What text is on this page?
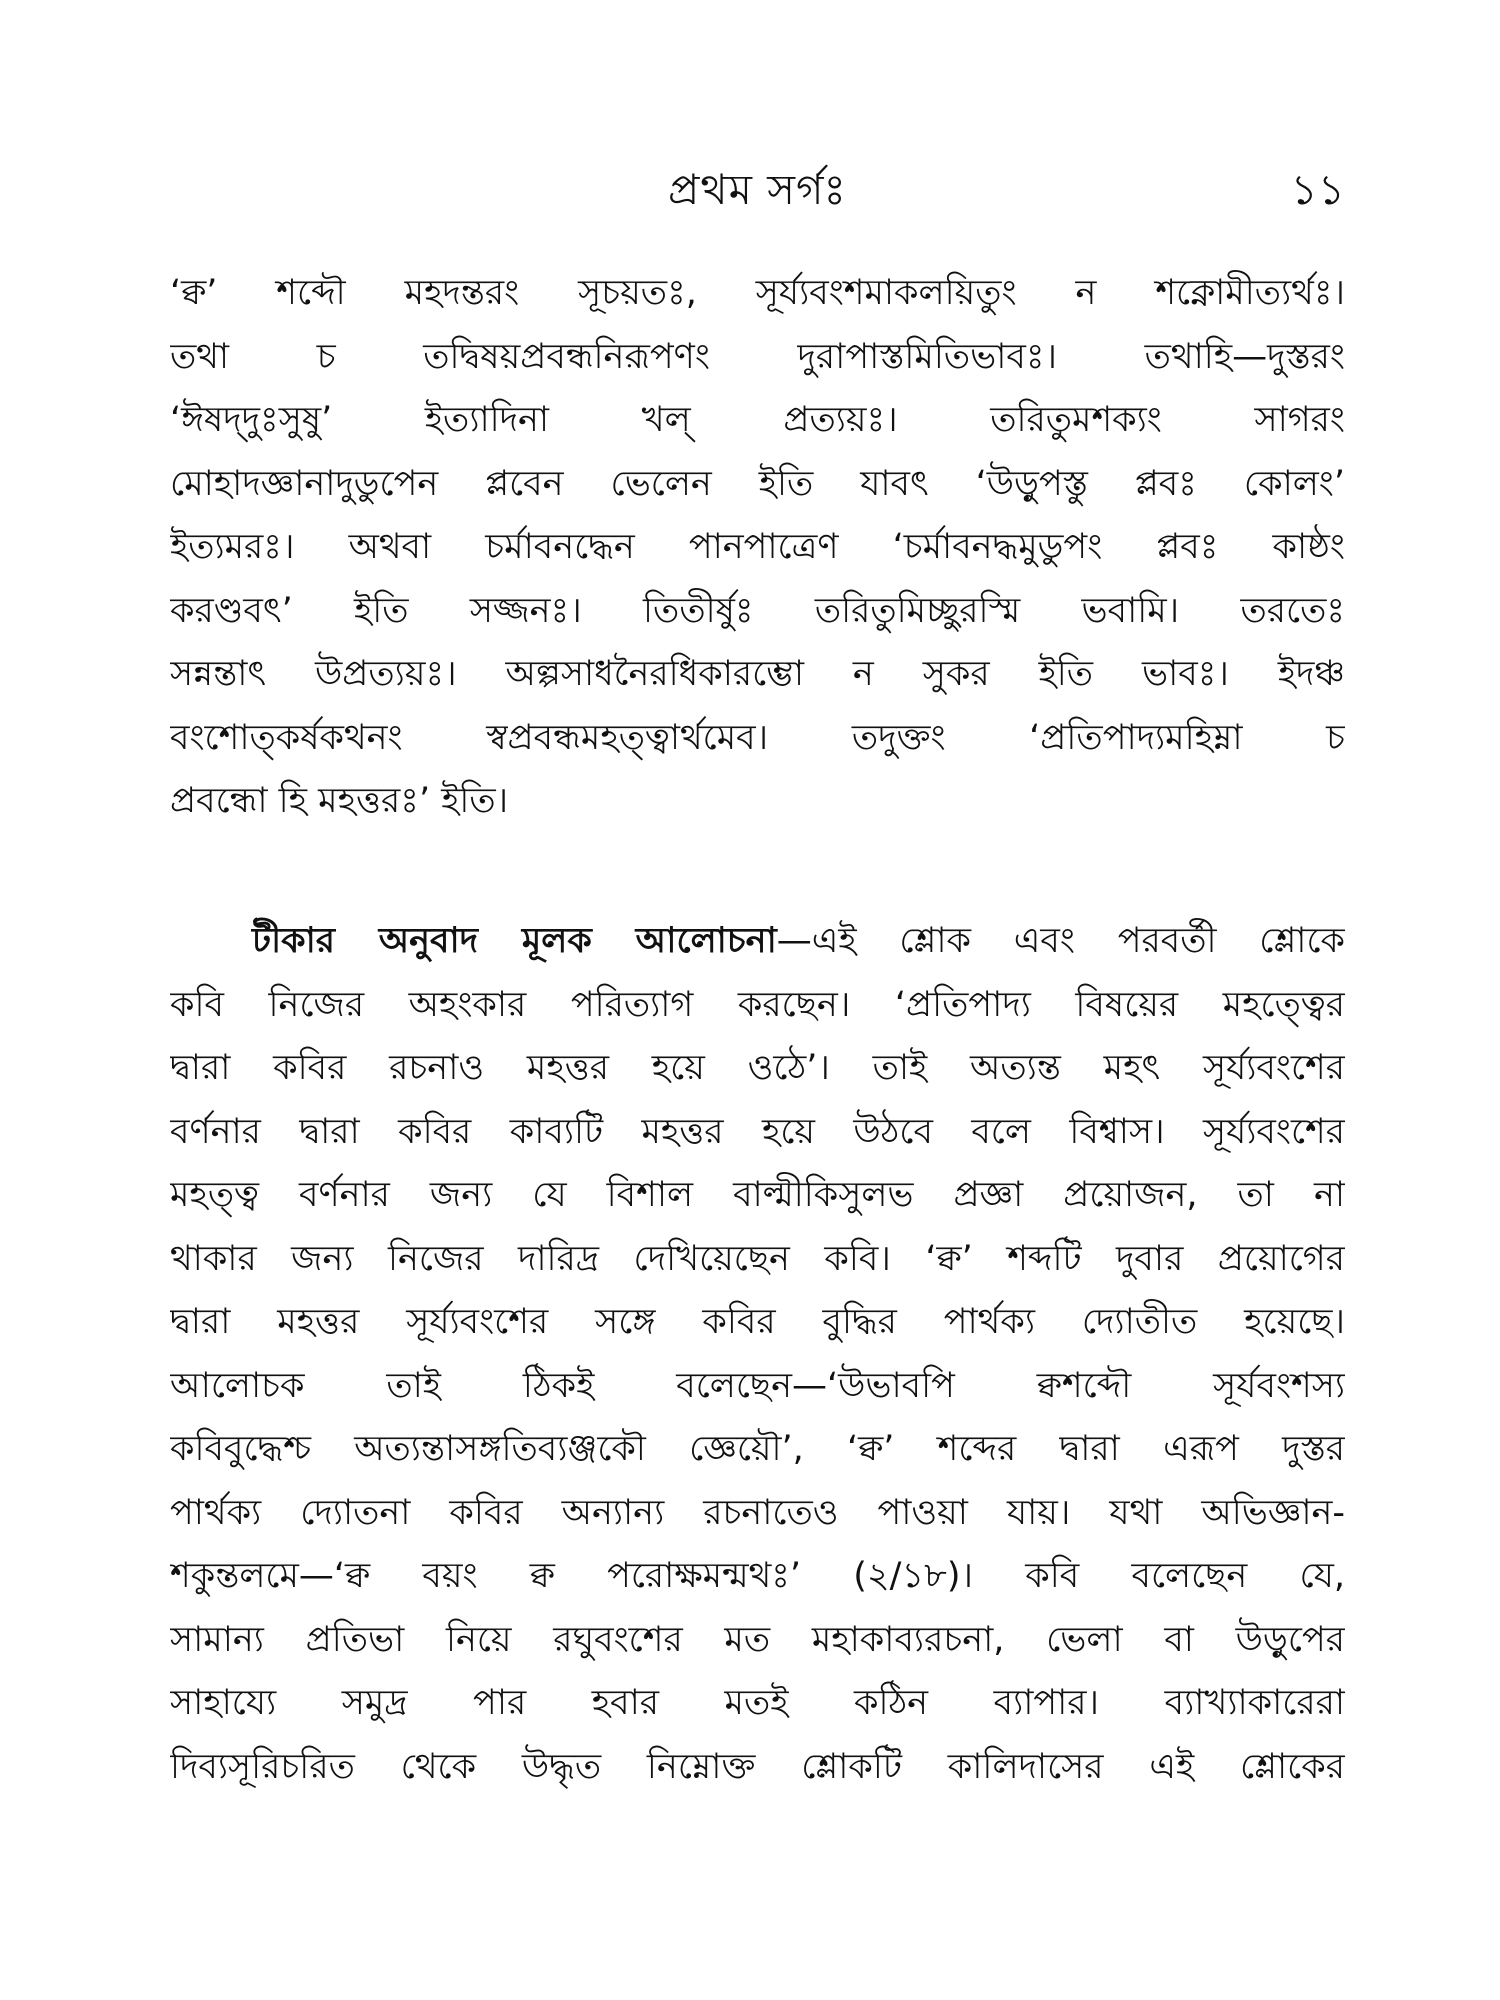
প্রথম সর্গঃ	১১
‘ক্ব’ শব্দৌ মহদন্তরং সূচয়তঃ, সূর্য্যবংশমাকলয়িতুং ন শক্নোমীত্যর্থঃ।
তথা চ তদ্বিষয়প্রবন্ধনিরূপণং দুরাপাস্তমিতিভাবঃ। তথাহি—দুস্তরং
‘ঈষদ্‌দুঃসুষু’ ইত্যাদিনা খল্ প্রত্যয়ঃ। তরিতুমশক্যং সাগরং
মোহাদজ্ঞানাদুডুপেন প্লবেন ভেলেন ইতি যাবৎ ‘উড়ুপস্তু প্লবঃ কোলং’
ইত্যমরঃ। অথবা চর্মাবনদ্ধেন পানপাত্রেণ ‘চর্মাবনদ্ধমুডুপং প্লবঃ কাষ্ঠং
করণ্ডবৎ’ ইতি সজ্জনঃ। তিতীর্ষুঃ তরিতুমিচ্ছুরস্মি ভবামি। তরতেঃ
সন্নন্তাৎ উপ্রত্যয়ঃ। অল্পসাধনৈরধিকারম্ভো ন সুকর ইতি ভাবঃ। ইদঞ্চ
বংশোত্‌কর্ষকথনং স্বপ্রবন্ধমহত্ত্বার্থমেব। তদুক্তং ‘প্রতিপাদ্যমহিম্না চ
প্রবন্ধো হি মহত্তরঃ’ ইতি।
টীকার অনুবাদ মূলক আলোচনা—এই শ্লোক এবং পরবর্তী শ্লোকে
কবি নিজের অহংকার পরিত্যাগ করছেন। ‘প্রতিপাদ্য বিষয়ের মহত্ত্বের
দ্বারা কবির রচনাও মহত্তর হয়ে ওঠে’। তাই অত্যন্ত মহৎ সূর্য্যবংশের
বর্ণনার দ্বারা কবির কাব্যটি মহত্তর হয়ে উঠবে বলে বিশ্বাস। সূর্য্যবংশের
মহত্ত্ব বর্ণনার জন্য যে বিশাল বাল্মীকিসুলভ প্রজ্ঞা প্রয়োজন, তা না
থাকার জন্য নিজের দারিদ্র দেখিয়েছেন কবি। ‘ক্ব’ শব্দটি দুবার প্রয়োগের
দ্বারা মহত্তর সূর্য্যবংশের সঙ্গে কবির বুদ্ধির পার্থক্য দ্যোতীত হয়েছে।
আলোচক তাই ঠিকই বলেছেন—‘উভাবপি ক্বশব্দৌ সূর্যবংশস্য
কবিবুদ্ধেশ্চ অত্যন্তাসঙ্গতিব্যঞ্জকৌ জ্ঞেয়ৌ’, ‘ক্ব’ শব্দের দ্বারা এরূপ দুস্তর
পার্থক্য দ্যোতনা কবির অন্যান্য রচনাতেও পাওয়া যায়। যথা অভিজ্ঞান-
শকুন্তলমে—‘ক্ব বয়ং ক্ব পরোক্ষমন্মথঃ’ (২/১৮)। কবি বলেছেন যে,
সামান্য প্রতিভা নিয়ে রঘুবংশের মত মহাকাব্যরচনা, ভেলা বা উড়ুপের
সাহায্যে সমুদ্র পার হবার মতই কঠিন ব্যাপার। ব্যাখ্যাকারেরা
দিব্যসূরিচরিত থেকে উদ্ধৃত নিম্নোক্ত শ্লোকটি কালিদাসের এই শ্লোকের
